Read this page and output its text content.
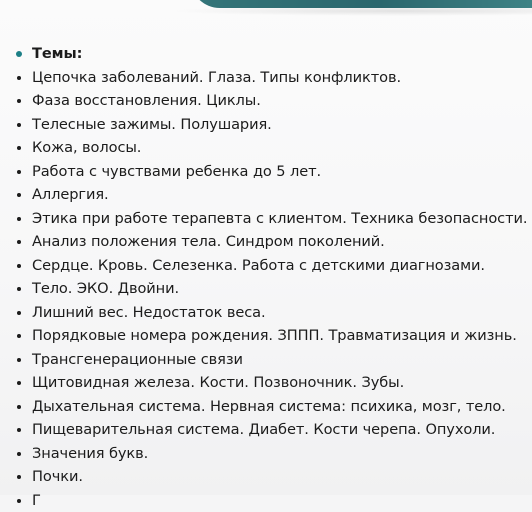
Темы:
Цепочка заболеваний. Глаза. Типы конфликтов.
Фаза восстановления. Циклы.
Телесные зажимы. Полушария.
Кожа, волосы.
Работа с чувствами ребенка до 5 лет.
Аллергия.
Этика при работе терапевта с клиентом. Техника безопасности.
Анализ положения тела. Синдром поколений.
Сердце. Кровь. Селезенка. Работа с детскими диагнозами.
Тело. ЭКО. Двойни.
Лишний вес. Недостаток веса.
Порядковые номера рождения. ЗППП. Травматизация и жизнь.
Трансгенерационные связи
Щитовидная железа. Кости. Позвоночник. Зубы.
Дыхательная система. Нервная система: психика, мозг, тело.
Пищеварительная система. Диабет. Кости черепа. Опухоли.
Значения букв.
Почки.
Г
